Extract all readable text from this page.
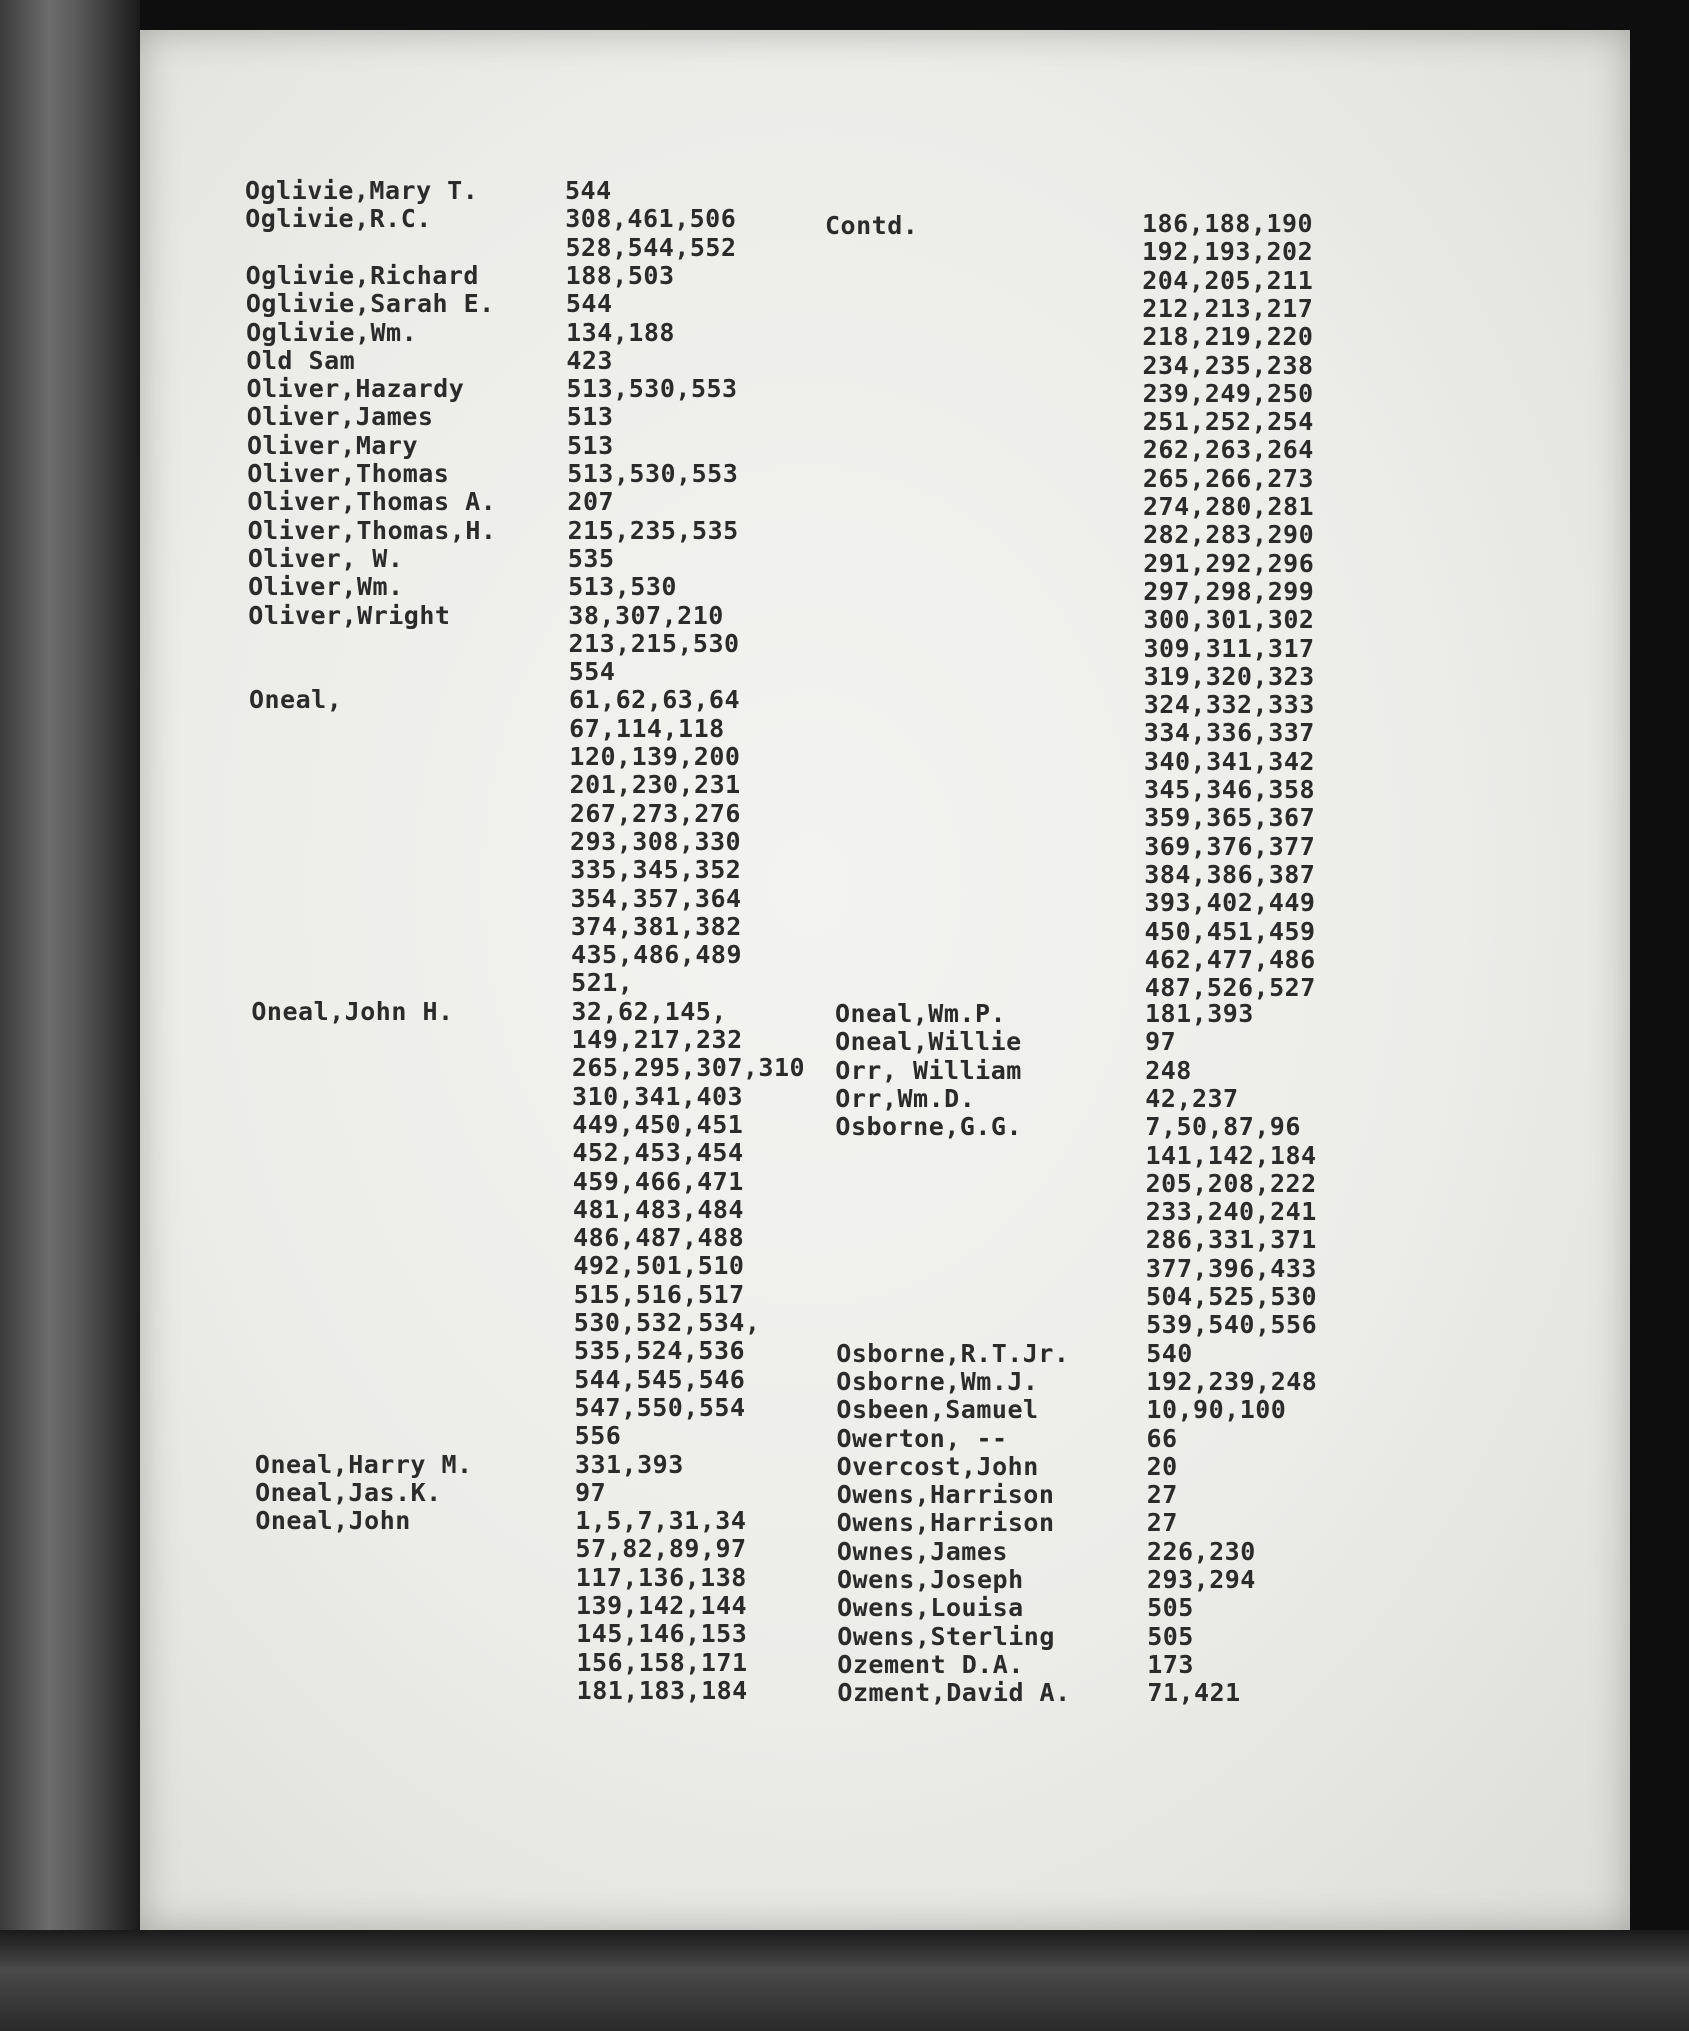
Oglivie,Mary T.
Oglivie,R.C.
Oglivie,Richard
Oglivie,Sarah E.
Oglivie,Wm.
Old Sam
Oliver,Hazardy
Oliver,James
Oliver,Mary
Oliver,Thomas
Oliver,Thomas A.
Oliver,Thomas,H.
Oliver, W.
Oliver,Wm.
Oliver,Wright
Oneal,
Oneal,John H.
Oneal,Harry M.
Oneal,Jas.K.
Oneal,John
544
308,461,506
528,544,552
188,503
544
134,188
423
513,530,553
513
513
513,530,553
207
215,235,535
535
513,530
38,307,210
213,215,530
554
61,62,63,64
67,114,118
120,139,200
201,230,231
267,273,276
293,308,330
335,345,352
354,357,364
374,381,382
435,486,489
521,
32,62,145,
149,217,232
265,295,307,310
310,341,403
449,450,451
452,453,454
459,466,471
481,483,484
486,487,488
492,501,510
515,516,517
530,532,534,
535,524,536
544,545,546
547,550,554
556
331,393
97
1,5,7,31,34
57,82,89,97
117,136,138
139,142,144
145,146,153
156,158,171
181,183,184
Contd.
Oneal,Wm.P.
Oneal,Willie
Orr, William
Orr,Wm.D.
Osborne,G.G.
Osborne,R.T.Jr.
Osborne,Wm.J.
Osbeen,Samuel
Owerton, --
Overcost,John
Owens,Harrison
Owens,Harrison
Ownes,James
Owens,Joseph
Owens,Louisa
Owens,Sterling
Ozement D.A.
Ozment,David A.
186,188,190
192,193,202
204,205,211
212,213,217
218,219,220
234,235,238
239,249,250
251,252,254
262,263,264
265,266,273
274,280,281
282,283,290
291,292,296
297,298,299
300,301,302
309,311,317
319,320,323
324,332,333
334,336,337
340,341,342
345,346,358
359,365,367
369,376,377
384,386,387
393,402,449
450,451,459
462,477,486
487,526,527
181,393
97
248
42,237
7,50,87,96
141,142,184
205,208,222
233,240,241
286,331,371
377,396,433
504,525,530
539,540,556
540
192,239,248
10,90,100
66
20
27
27
226,230
293,294
505
505
173
71,421
